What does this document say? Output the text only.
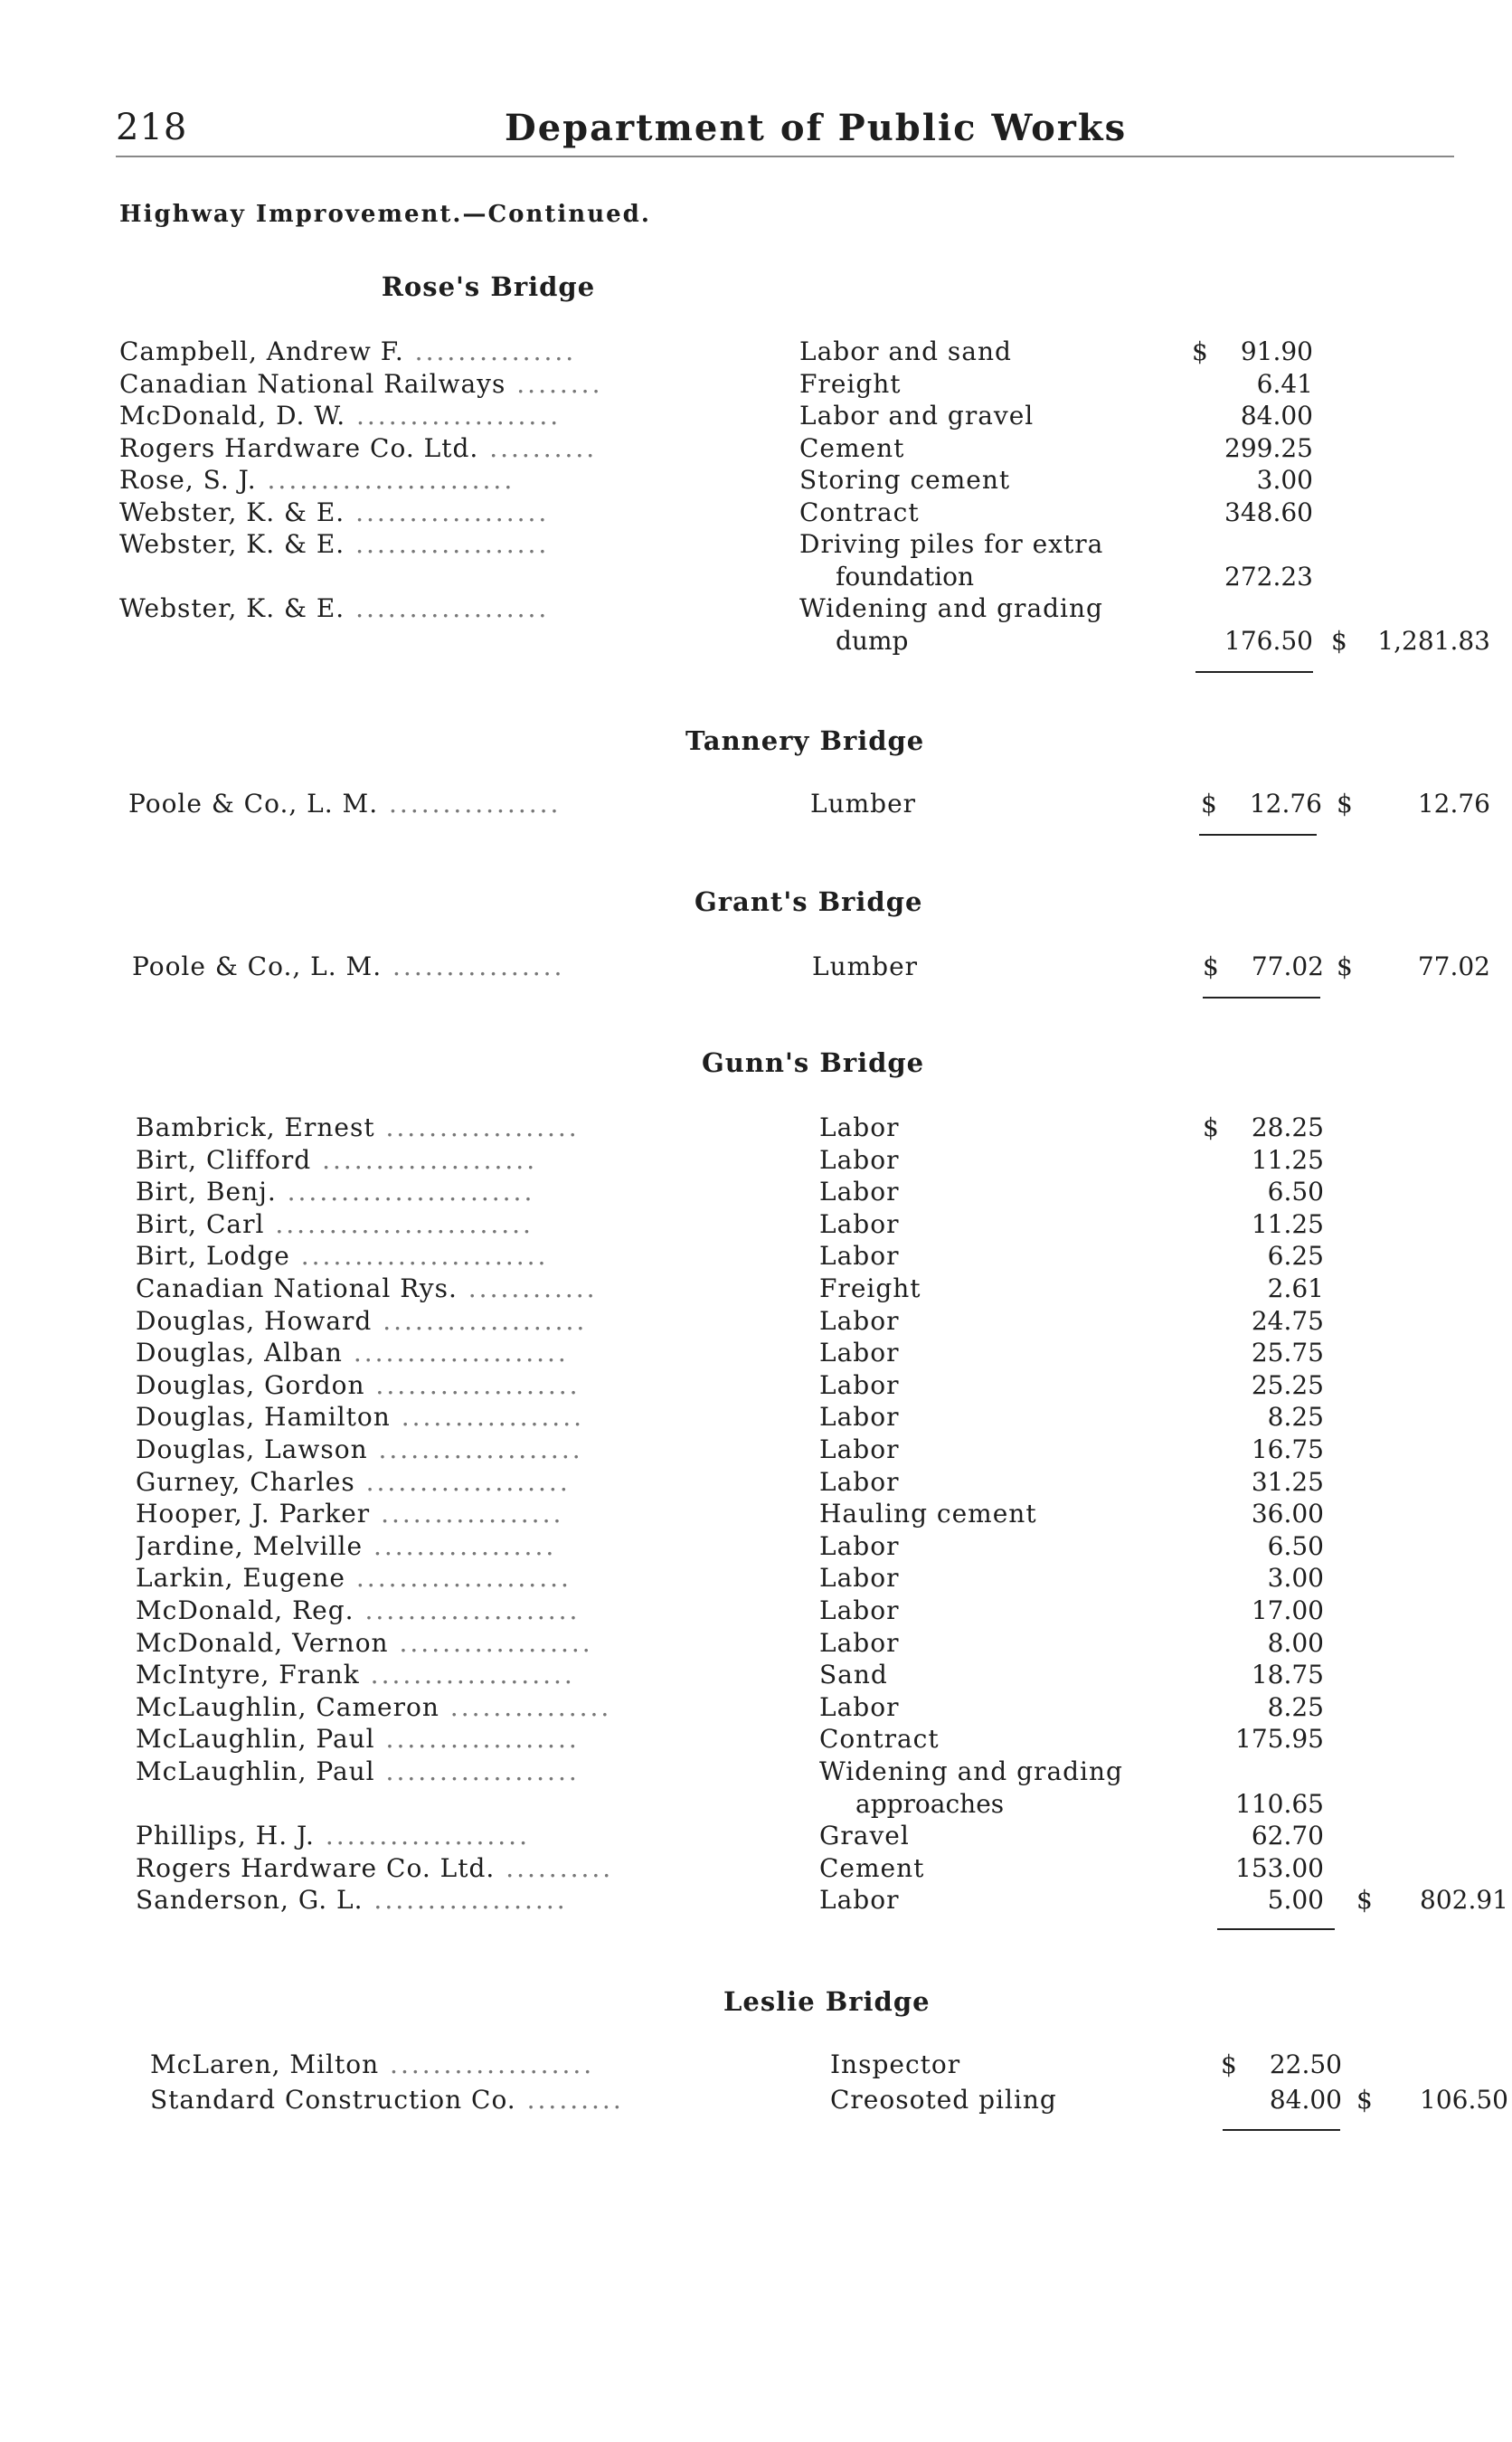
218	Department of Public Works
Highway Improvement.—Continued.
Rose's Bridge
Campbell, Andrew F. ...............	Labor and sand	$	91.90
Canadian National Railways ........	Freight	6.41
McDonald, D. W. ...................	Labor and gravel	84.00
Rogers Hardware Co. Ltd. ..........	Cement	299.25
Rose, S. J. .......................	Storing cement	3.00
Webster, K. & E. ..................	Contract	348.60
Webster, K. & E. ..................	Driving piles for extra
foundation	272.23
Webster, K. & E. ..................	Widening and grading
dump	176.50 $	1,281.83
Tannery Bridge
Poole & Co., L. M. ................	Lumber	$	12.76 $	12.76
Grant's Bridge
Poole & Co., L. M. ................	Lumber	$	77.02 $	77.02
Gunn's Bridge
Bambrick, Ernest ..................	Labor	$	28.25
Birt, Clifford ....................	Labor	11.25
Birt, Benj. .......................	Labor	6.50
Birt, Carl ........................	Labor	11.25
Birt, Lodge .......................	Labor	6.25
Canadian National Rys. ............	Freight	2.61
Douglas, Howard ...................	Labor	24.75
Douglas, Alban ....................	Labor	25.75
Douglas, Gordon ...................	Labor	25.25
Douglas, Hamilton .................	Labor	8.25
Douglas, Lawson ...................	Labor	16.75
Gurney, Charles ...................	Labor	31.25
Hooper, J. Parker .................	Hauling cement	36.00
Jardine, Melville .................	Labor	6.50
Larkin, Eugene ....................	Labor	3.00
McDonald, Reg. ....................	Labor	17.00
McDonald, Vernon ..................	Labor	8.00
McIntyre, Frank ...................	Sand	18.75
McLaughlin, Cameron ...............	Labor	8.25
McLaughlin, Paul ..................	Contract	175.95
McLaughlin, Paul ..................	Widening and grading
approaches	110.65
Phillips, H. J. ...................	Gravel	62.70
Rogers Hardware Co. Ltd. ..........	Cement	153.00
Sanderson, G. L. ..................	Labor	5.00 $	802.91
Leslie Bridge
McLaren, Milton ...................	Inspector	$	22.50
Standard Construction Co. .........	Creosoted piling	84.00 $	106.50
